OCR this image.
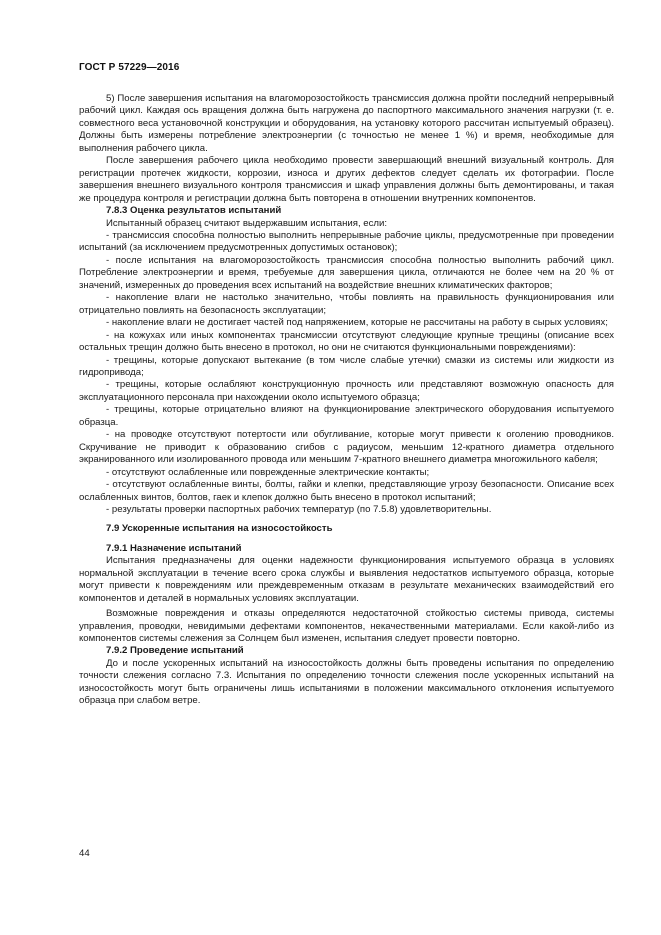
ГОСТ Р 57229—2016

5) После завершения испытания на влагоморозостойкость трансмиссия должна пройти последний непрерывный рабочий цикл. Каждая ось вращения должна быть нагружена до паспортного максимального значения нагрузки (т. е. совместного веса установочной конструкции и оборудования, на установку которого рассчитан испытуемый образец). Должны быть измерены потребление электроэнергии (с точностью не менее 1 %) и время, необходимые для выполнения рабочего цикла.

После завершения рабочего цикла необходимо провести завершающий внешний визуальный контроль. Для регистрации протечек жидкости, коррозии, износа и других дефектов следует сделать их фотографии. После завершения внешнего визуального контроля трансмиссия и шкаф управления должны быть демонтированы, и такая же процедура контроля и регистрации должна быть повторена в отношении внутренних компонентов.

7.8.3 Оценка результатов испытаний

Испытанный образец считают выдержавшим испытания, если:

- трансмиссия способна полностью выполнить непрерывные рабочие циклы, предусмотренные при проведении испытаний (за исключением предусмотренных допустимых остановок);

- после испытания на влагоморозостойкость трансмиссия способна полностью выполнить рабочий цикл. Потребление электроэнергии и время, требуемые для завершения цикла, отличаются не более чем на 20 % от значений, измеренных до проведения всех испытаний на воздействие внешних климатических факторов;

- накопление влаги не настолько значительно, чтобы повлиять на правильность функционирования или отрицательно повлиять на безопасность эксплуатации;

- накопление влаги не достигает частей под напряжением, которые не рассчитаны на работу в сырых условиях;

- на кожухах или иных компонентах трансмиссии отсутствуют следующие крупные трещины (описание всех остальных трещин должно быть внесено в протокол, но они не считаются функциональными повреждениями):

- трещины, которые допускают вытекание (в том числе слабые утечки) смазки из системы или жидкости из гидропривода;

- трещины, которые ослабляют конструкционную прочность или представляют возможную опасность для эксплуатационного персонала при нахождении около испытуемого образца;

- трещины, которые отрицательно влияют на функционирование электрического оборудования испытуемого образца.

- на проводке отсутствуют потертости или обугливание, которые могут привести к оголению проводников. Скручивание не приводит к образованию сгибов с радиусом, меньшим 12-кратного диаметра отдельного экранированного или изолированного провода или меньшим 7-кратного внешнего диаметра многожильного кабеля;

- отсутствуют ослабленные или поврежденные электрические контакты;

- отсутствуют ослабленные винты, болты, гайки и клепки, представляющие угрозу безопасности. Описание всех ослабленных винтов, болтов, гаек и клепок должно быть внесено в протокол испытаний;

- результаты проверки паспортных рабочих температур (по 7.5.8) удовлетворительны.

7.9 Ускоренные испытания на износостойкость

7.9.1 Назначение испытаний

Испытания предназначены для оценки надежности функционирования испытуемого образца в условиях нормальной эксплуатации в течение всего срока службы и выявления недостатков испытуемого образца, которые могут привести к повреждениям или преждевременным отказам в результате механических взаимодействий его компонентов и деталей в нормальных условиях эксплуатации.

Возможные повреждения и отказы определяются недостаточной стойкостью системы привода, системы управления, проводки, невидимыми дефектами компонентов, некачественными материалами. Если какой-либо из компонентов системы слежения за Солнцем был изменен, испытания следует провести повторно.

7.9.2 Проведение испытаний

До и после ускоренных испытаний на износостойкость должны быть проведены испытания по определению точности слежения согласно 7.3. Испытания по определению точности слежения после ускоренных испытаний на износостойкость могут быть ограничены лишь испытаниями в положении максимального отклонения испытуемого образца при слабом ветре.

44
